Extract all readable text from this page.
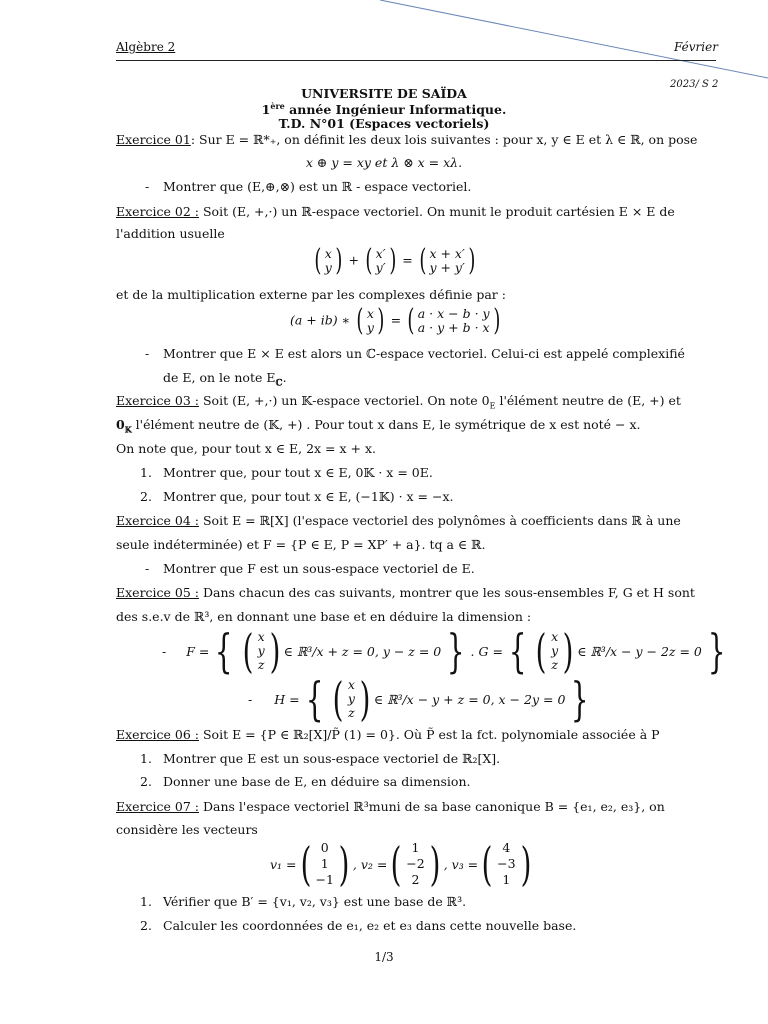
Algèbre 2	Février
2023/ S 2
UNIVERSITE DE SAÏDA
1ère année Ingénieur Informatique.
T.D. N°01 (Espaces vectoriels)
Exercice 01: Sur E = ℝ*₊, on définit les deux lois suivantes : pour x, y ∈ E et λ ∈ ℝ, on pose
x ⊕ y = xy et λ ⊗ x = xλ.
- Montrer que (E,⊕,⊗) est un ℝ - espace vectoriel.
Exercice 02 : Soit (E, +,·) un ℝ-espace vectoriel. On munit le produit cartésien E × E de
l'addition usuelle
( x
y ) + ( x′
y′ ) = ( x + x′
y + y′ )
et de la multiplication externe par les complexes définie par :
(a + ib) ∗ ( x
y ) = ( a · x − b · y
a · y + b · x )
- Montrer que E × E est alors un ℂ-espace vectoriel. Celui-ci est appelé complexifié
de E, on le note $E_ℂ$.
Exercice 03 : Soit (E, +,·) un 𝕂-espace vectoriel. On note $0_E$ l'élément neutre de (E, +) et
$0_𝕂$ l'élément neutre de (𝕂, +) . Pour tout x dans E, le symétrique de x est noté − x.
On note que, pour tout x ∈ E, 2x = x + x.
1. Montrer que, pour tout x ∈ E, 0𝕂 · x = 0E.
2. Montrer que, pour tout x ∈ E, (−1𝕂) · x = −x.
Exercice 04 : Soit E = ℝ[X] (l'espace vectoriel des polynômes à coefficients dans ℝ à une
seule indéterminée) et F = {P ∈ E, P = XP′ + a}. tq a ∈ ℝ.
- Montrer que F est un sous-espace vectoriel de E.
Exercice 05 : Dans chacun des cas suivants, montrer que les sous-ensembles F, G et H sont
des s.e.v de ℝ³, en donnant une base et en déduire la dimension :
- F = { ( x
y
z ) ∈ ℝ³/x + z = 0, y − z = 0 } . G = { ( x
y
z ) ∈ ℝ³/x − y − 2z = 0 }
- H = { ( x
y
z ) ∈ ℝ³/x − y + z = 0, x − 2y = 0 }
Exercice 06 : Soit E = {P ∈ ℝ₂[X]/P̃ (1) = 0}. Où P̃ est la fct. polynomiale associée à P
1. Montrer que E est un sous-espace vectoriel de ℝ₂[X].
2. Donner une base de E, en déduire sa dimension.
Exercice 07 : Dans l'espace vectoriel ℝ³muni de sa base canonique B = {e₁, e₂, e₃}, on
considère les vecteurs
v₁ = ( 0
1
−1 ) , v₂ = ( 1
−2
2 ) , v₃ = ( 4
−3
1 )
1. Vérifier que B′ = {v₁, v₂, v₃} est une base de ℝ³.
2. Calculer les coordonnées de e₁, e₂ et e₃ dans cette nouvelle base.
1/3
